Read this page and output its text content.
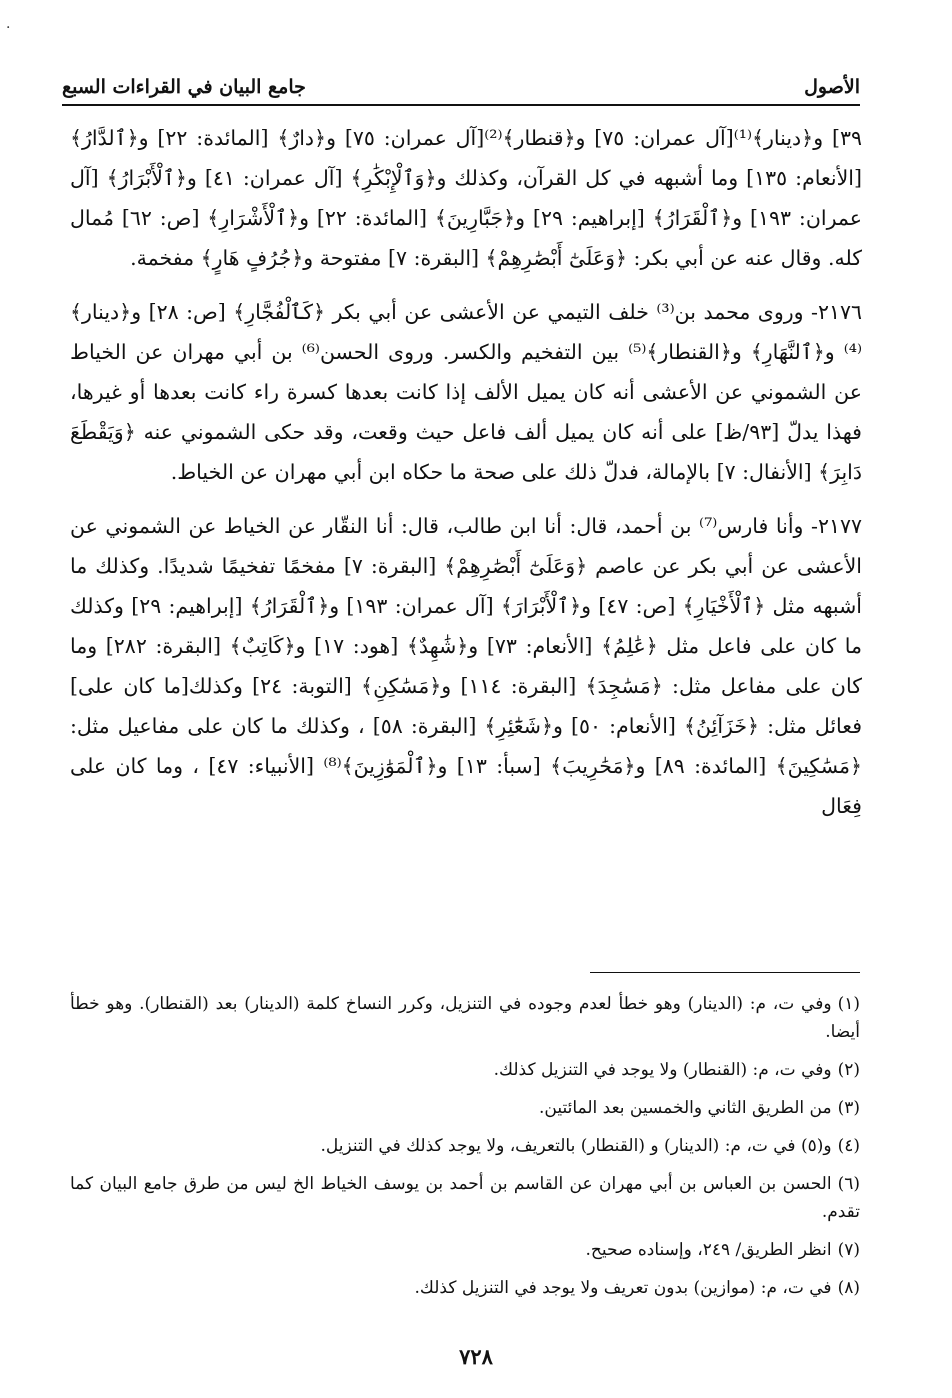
·
الأصول
جامع البيان في القراءات السبع

٣٩] و﴿دينار﴾⁽¹⁾[آل عمران: ٧٥] و﴿قنطار﴾⁽²⁾[آل عمران: ٧٥] و﴿دارٌ﴾ [المائدة: ٢٢] و﴿ٱلدَّارُ﴾ [الأنعام: ١٣٥] وما أشبهه في كل القرآن، وكذلك و﴿وَٱلْإِبْكَٰرِ﴾ [آل عمران: ٤١] و﴿ٱلْأَبْرَارُ﴾ [آل عمران: ١٩٣] و﴿ٱلْقَرَارُ﴾ [إبراهيم: ٢٩] و﴿جَبَّارِينَ﴾ [المائدة: ٢٢] و﴿ٱلْأَشْرَارِ﴾ [ص: ٦٢] مُمال كله. وقال عنه عن أبي بكر: ﴿وَعَلَىٰٓ أَبْصَٰرِهِمْ﴾ [البقرة: ٧] مفتوحة و﴿جُرُفٍ هَارٍ﴾ مفخمة.

٢١٧٦- وروى محمد بن⁽³⁾ خلف التيمي عن الأعشى عن أبي بكر ﴿كَٱلْفُجَّارِ﴾ [ص: ٢٨] و﴿دينار﴾⁽⁴⁾ و﴿ٱلنَّهَارِ﴾ و﴿القنطار﴾⁽⁵⁾ بين التفخيم والكسر. وروى الحسن⁽⁶⁾ بن أبي مهران عن الخياط عن الشموني عن الأعشى أنه كان يميل الألف إذا كانت بعدها كسرة راء كانت بعدها أو غيرها، فهذا يدلّ [٩٣/ظ] على أنه كان يميل ألف فاعل حيث وقعت، وقد حكى الشموني عنه ﴿وَيَقْطَعَ دَابِرَ﴾ [الأنفال: ٧] بالإمالة، فدلّ ذلك على صحة ما حكاه ابن أبي مهران عن الخياط.

٢١٧٧- وأنا فارس⁽⁷⁾ بن أحمد، قال: أنا ابن طالب، قال: أنا النقّار عن الخياط عن الشموني عن الأعشى عن أبي بكر عن عاصم ﴿وَعَلَىٰٓ أَبْصَٰرِهِمْ﴾ [البقرة: ٧] مفخمًا تفخيمًا شديدًا. وكذلك ما أشبهه مثل ﴿ٱلْأَخْيَارِ﴾ [ص: ٤٧] و﴿ٱلْأَبْرَارَ﴾ [آل عمران: ١٩٣] و﴿ٱلْقَرَارُ﴾ [إبراهيم: ٢٩] وكذلك ما كان على فاعل مثل ﴿عَٰلِمُ﴾ [الأنعام: ٧٣] و﴿شَٰهِدٌ﴾ [هود: ١٧] و﴿كَاتِبٌ﴾ [البقرة: ٢٨٢] وما كان على مفاعل مثل: ﴿مَسَٰجِدَ﴾ [البقرة: ١١٤] و﴿مَسَٰكِنِ﴾ [التوبة: ٢٤] وكذلك[ما كان على] فعائل مثل: ﴿خَزَآئِنُ﴾ [الأنعام: ٥٠] و﴿شَعَٰٓئِرِ﴾ [البقرة: ٥٨] ، وكذلك ما كان على مفاعيل مثل: ﴿مَسَٰكِينَ﴾ [المائدة: ٨٩] و﴿مَحَٰرِيبَ﴾ [سبأ: ١٣] و﴿ٱلْمَوَٰزِينَ﴾⁽⁸⁾ [الأنبياء: ٤٧] ، وما كان على فِعَال

(١)وفي ت، م: (الدينار) وهو خطأ لعدم وجوده في التنزيل، وكرر النساخ كلمة (الدينار) بعد (القنطار). وهو خطأ أيضا.

(٢)وفي ت، م: (القنطار) ولا يوجد في التنزيل كذلك.

(٣)من الطريق الثاني والخمسين بعد المائتين.

(٤)و(٥) في ت، م: (الدينار) و (القنطار) بالتعريف، ولا يوجد كذلك في التنزيل.

(٦)الحسن بن العباس بن أبي مهران عن القاسم بن أحمد بن يوسف الخياط الخ ليس من طرق جامع البيان كما تقدم.

(٧)انظر الطريق/ ٢٤٩، وإسناده صحيح.

(٨)في ت، م: (موازين) بدون تعريف ولا يوجد في التنزيل كذلك.

٧٢٨
